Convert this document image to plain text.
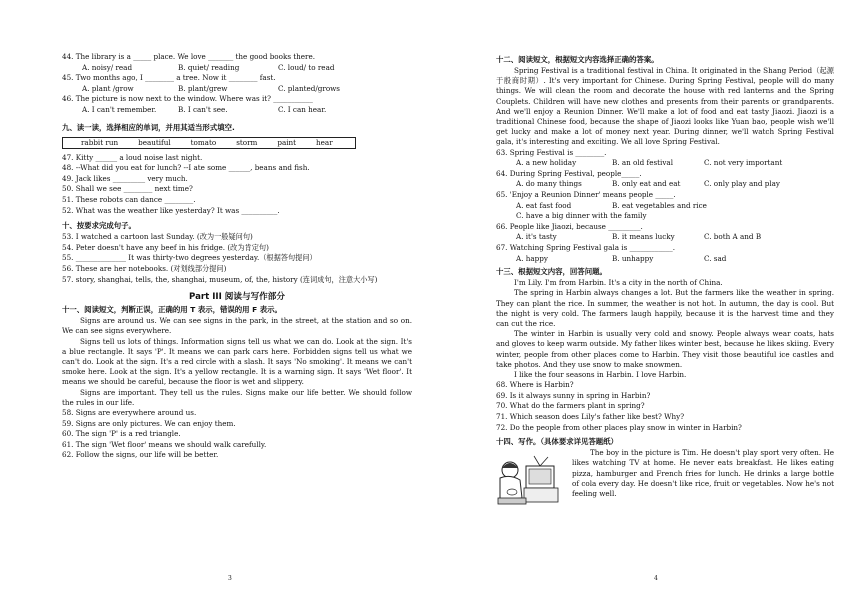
44. The library is a _____ place. We love _______ the good books there.
A. noisy/ read	B. quiet/ reading	C. loud/ to read
45. Two months ago, I ________ a tree. Now it ________ fast.
A. plant /grow	B. plant/grew	C. planted/grows
46. The picture is now next to the window. Where was it? ___________
A. I can't remember.	B. I can't see.	C. I can hear.
九、读一读，选择相应的单词，并用其适当形式填空.
rabbit run	beautiful	tomato	storm	paint	hear
47. Kitty ______ a loud noise last night.
48. --What did you eat for lunch? --I ate some ______, beans and fish.
49. Jack likes _________ very much.
50. Shall we see ________ next time?
51. These robots can dance ________.
52. What was the weather like yesterday? It was __________.
十、按要求完成句子。
53. I watched a cartoon last Sunday. (改为一般疑问句)
54. Peter doesn't have any beef in his fridge. (改为肯定句)
55. ______________ It was thirty-two degrees yesterday.（根据答句提问）
56. These are her notebooks. (对划线部分提问)
57. story, shanghai, tells, the, shanghai, museum, of, the, history (连词成句，注意大小写)
Part III 阅读与写作部分
十一、阅读短文，判断正误，正确的用 T 表示，错误的用 F 表示。
Signs are around us. We can see signs in the park, in the street, at the station and so on. We can see signs everywhere.
Signs tell us lots of things. Information signs tell us what we can do. Look at the sign. It's a blue rectangle. It says 'P'. It means we can park cars here. Forbidden signs tell us what we can't do. Look at the sign. It's a red circle with a slash. It says 'No smoking'. It means we can't smoke here. Look at the sign. It's a yellow rectangle. It is a warning sign. It says 'Wet floor'. It means we should be careful, because the floor is wet and slippery.
Signs are important. They tell us the rules. Signs make our life better. We should follow the rules in our life.
58. Signs are everywhere around us.
59. Signs are only pictures. We can enjoy them.
60. The sign 'P' is a red triangle.
61. The sign 'Wet floor' means we should walk carefully.
62. Follow the signs, our life will be better.
3
十二、阅读短文，根据短文内容选择正确的答案。
Spring Festival is a traditional festival in China. It originated in the Shang Period（起源于殷商时期）. It's very important for Chinese. During Spring Festival, people will do many things. We will clean the room and decorate the house with red lanterns and the Spring Couplets. Children will have new clothes and presents from their parents or grandparents. And we'll enjoy a Reunion Dinner. We'll make a lot of food and eat tasty Jiaozi. Jiaozi is a traditional Chinese food, because the shape of Jiaozi looks like Yuan bao, people wish we'll get lucky and make a lot of money next year. During dinner, we'll watch Spring Festival gala, it's interesting and exciting. We all love Spring Festival.
63. Spring Festival is ________.
A. a new holiday	B. an old festival	C. not very important
64. During Spring Festival, people_____.
A. do many things	B. only eat and eat	C. only play and play
65. 'Enjoy a Reunion Dinner' means people _____.
A. eat fast food	B. eat vegetables and rice
C. have a big dinner with the family
66. People like Jiaozi, because _________.
A. it's tasty	B. it means lucky	C. both A and B
67. Watching Spring Festival gala is ____________.
A. happy	B. unhappy	C. sad
十三、根据短文内容，回答问题。
I'm Lily. I'm from Harbin. It's a city in the north of China.
The spring in Harbin always changes a lot. But the farmers like the weather in spring. They can plant the rice. In summer, the weather is not hot. In autumn, the day is cool. But the night is very cold. The farmers laugh happily, because it is the harvest time and they can cut the rice.
The winter in Harbin is usually very cold and snowy. People always wear coats, hats and gloves to keep warm outside. My father likes winter best, because he likes skiing. Every winter, people from other places come to Harbin. They visit those beautiful ice castles and take photos. And they use snow to make snowmen.
I like the four seasons in Harbin. I love Harbin.
68. Where is Harbin?
69. Is it always sunny in spring in Harbin?
70. What do the farmers plant in spring?
71. Which season does Lily's father like best? Why?
72. Do the people from other places play snow in winter in Harbin?
十四、写作。（具体要求详见答题纸）
The boy in the picture is Tim. He doesn't play sport very often. He likes watching TV at home. He never eats breakfast. He likes eating pizza, hamburger and French fries for lunch. He drinks a large bottle of cola every day. He doesn't like rice, fruit or vegetables. Now he's not feeling well.
4
